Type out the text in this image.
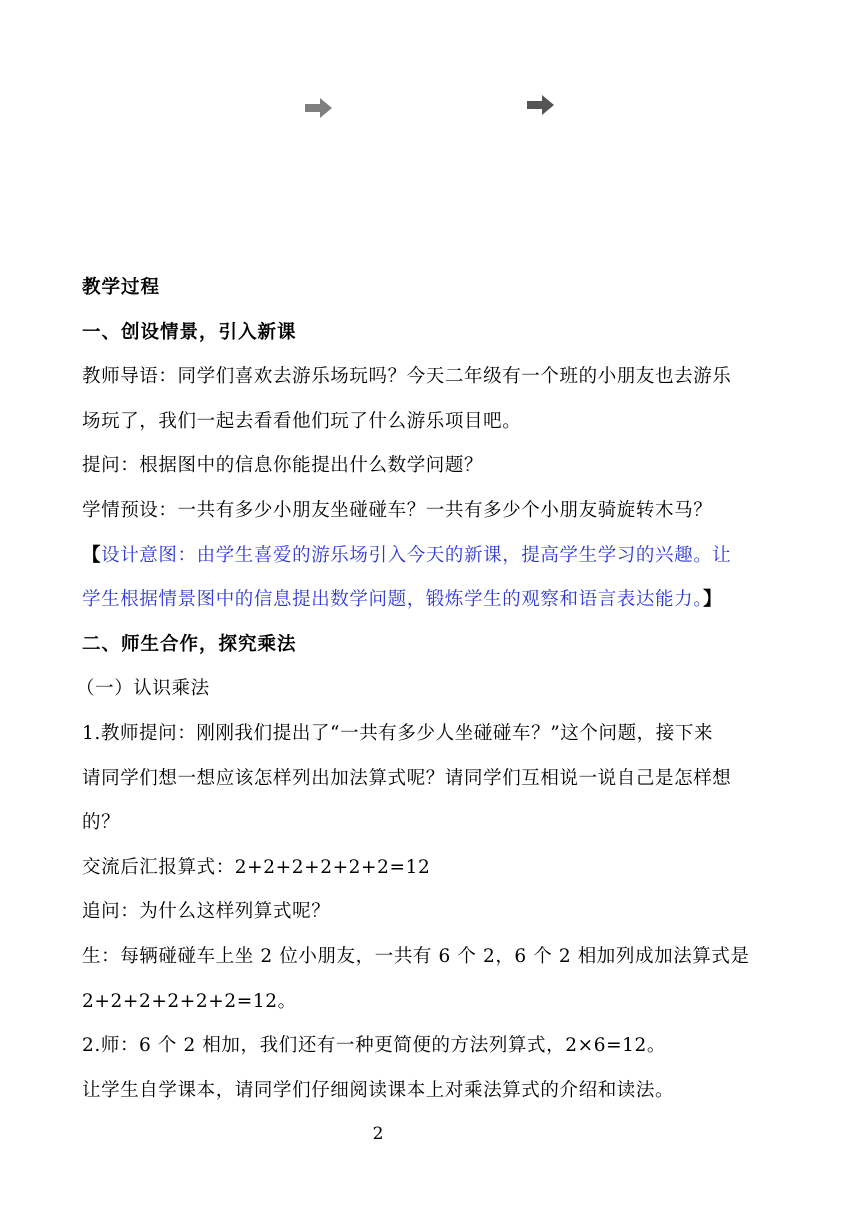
教学过程
一、创设情景，引入新课
教师导语：同学们喜欢去游乐场玩吗？今天二年级有一个班的小朋友也去游乐
场玩了，我们一起去看看他们玩了什么游乐项目吧。
提问：根据图中的信息你能提出什么数学问题？
学情预设：一共有多少小朋友坐碰碰车？一共有多少个小朋友骑旋转木马？
【设计意图：由学生喜爱的游乐场引入今天的新课，提高学生学习的兴趣。让
学生根据情景图中的信息提出数学问题，锻炼学生的观察和语言表达能力。】
二、师生合作，探究乘法
（一）认识乘法
1.教师提问：刚刚我们提出了“一共有多少人坐碰碰车？”这个问题，接下来
请同学们想一想应该怎样列出加法算式呢？请同学们互相说一说自己是怎样想
的？
交流后汇报算式：2+2+2+2+2+2=12
追问：为什么这样列算式呢？
生：每辆碰碰车上坐 2 位小朋友，一共有 6 个 2，6 个 2 相加列成加法算式是
2+2+2+2+2+2=12。
2.师：6 个 2 相加，我们还有一种更简便的方法列算式，2×6=12。
让学生自学课本，请同学们仔细阅读课本上对乘法算式的介绍和读法。
2
